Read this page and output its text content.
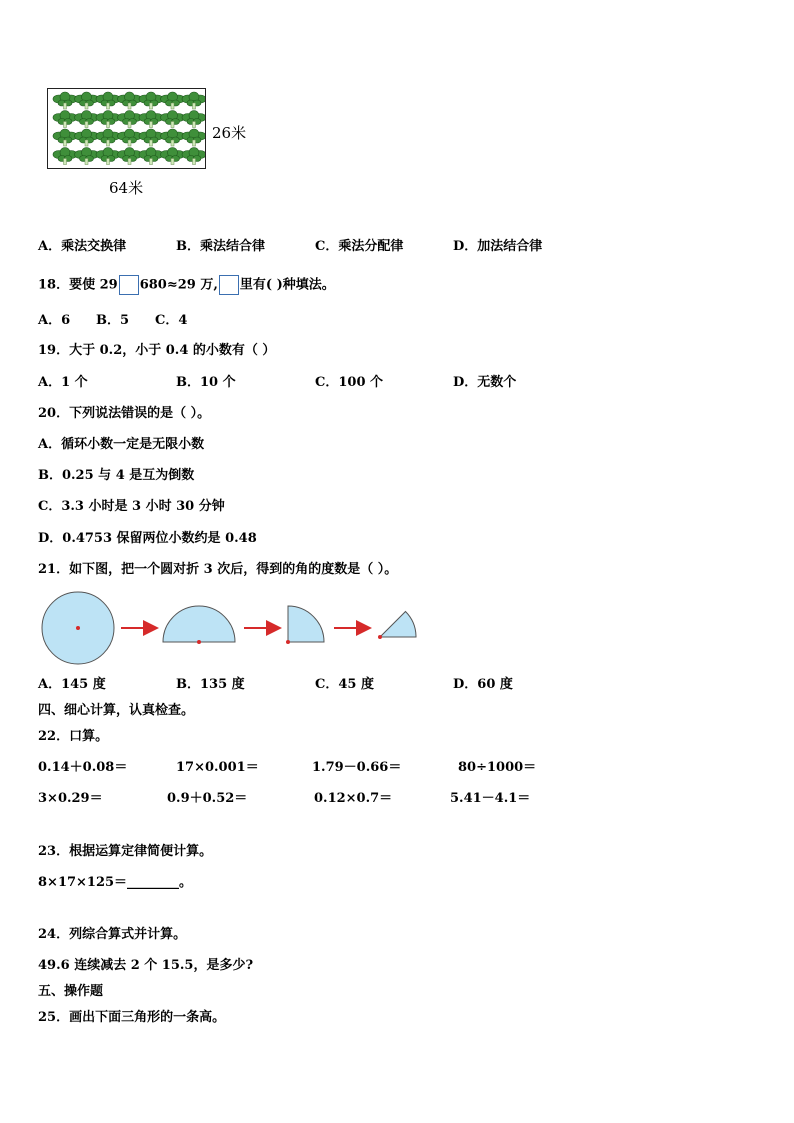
26米
64米
A．乘法交换律	B．乘法结合律	C．乘法分配律	D．加法结合律
18．要使 29 680≈29 万, 里有( )种填法。
A．6 B．5 C．4
19．大于 0.2，小于 0.4 的小数有（ ）
A．1 个	B．10 个	C．100 个	D．无数个
20．下列说法错误的是（ ）。
A．循环小数一定是无限小数
B．0.25 与 4 是互为倒数
C．3.3 小时是 3 小时 30 分钟
D．0.4753 保留两位小数约是 0.48
21．如下图，把一个圆对折 3 次后，得到的角的度数是（ ）。
A．145 度	B．135 度	C．45 度	D．60 度
四、细心计算，认真检查。
22．口算。
0.14＋0.08＝	17×0.001＝	1.79－0.66＝	80÷1000＝
3×0.29＝	0.9＋0.52＝	0.12×0.7＝	5.41－4.1＝
23．根据运算定律简便计算。
8×17×125＝________。
24．列综合算式并计算。
49.6 连续减去 2 个 15.5，是多少?
五、操作题
25．画出下面三角形的一条高。
